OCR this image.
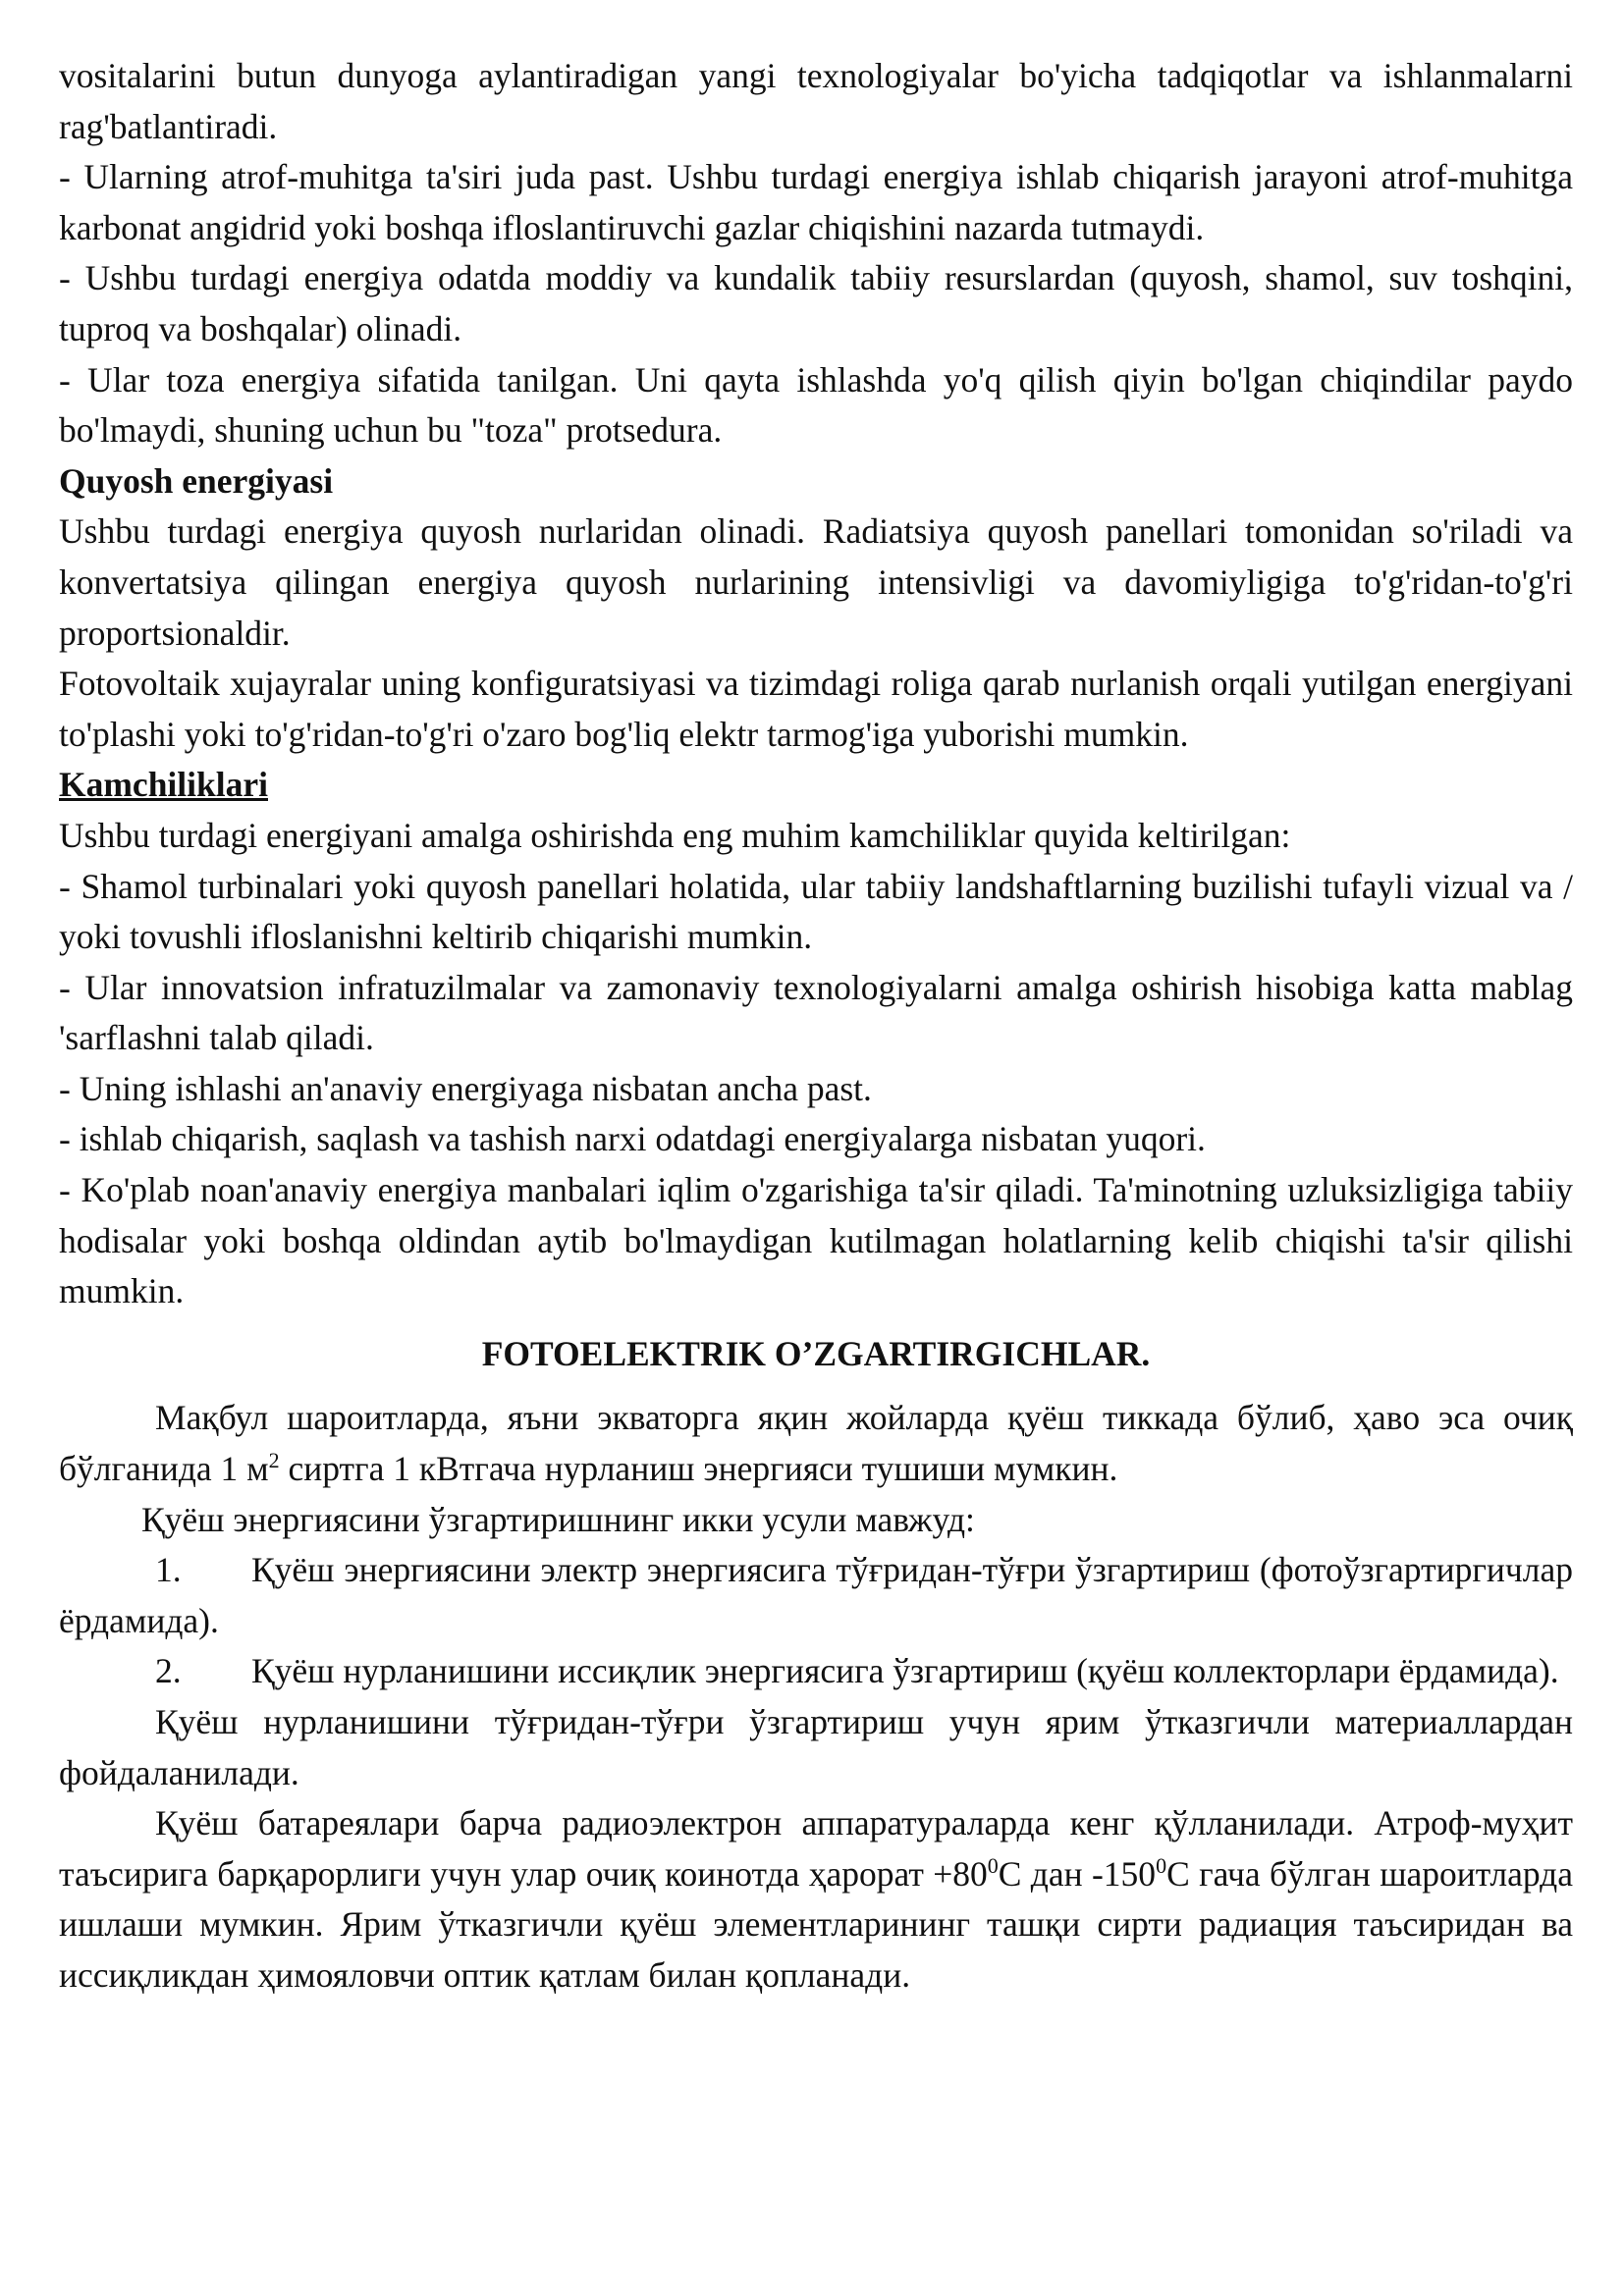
vositalarini butun dunyoga aylantiradigan yangi texnologiyalar bo'yicha tadqiqotlar va ishlanmalarni rag'batlantiradi.

- Ularning atrof-muhitga ta'siri juda past. Ushbu turdagi energiya ishlab chiqarish jarayoni atrof-muhitga karbonat angidrid yoki boshqa ifloslantiruvchi gazlar chiqishini nazarda tutmaydi.

- Ushbu turdagi energiya odatda moddiy va kundalik tabiiy resurslardan (quyosh, shamol, suv toshqini, tuproq va boshqalar) olinadi.

- Ular toza energiya sifatida tanilgan. Uni qayta ishlashda yo'q qilish qiyin bo'lgan chiqindilar paydo bo'lmaydi, shuning uchun bu "toza" protsedura.

Quyosh energiyasi

Ushbu turdagi energiya quyosh nurlaridan olinadi. Radiatsiya quyosh panellari tomonidan so'riladi va konvertatsiya qilingan energiya quyosh nurlarining intensivligi va davomiyligiga to'g'ridan-to'g'ri proportsionaldir.

Fotovoltaik xujayralar uning konfiguratsiyasi va tizimdagi roliga qarab nurlanish orqali yutilgan energiyani to'plashi yoki to'g'ridan-to'g'ri o'zaro bog'liq elektr tarmog'iga yuborishi mumkin.

Kamchiliklari

Ushbu turdagi energiyani amalga oshirishda eng muhim kamchiliklar quyida keltirilgan:

- Shamol turbinalari yoki quyosh panellari holatida, ular tabiiy landshaftlarning buzilishi tufayli vizual va / yoki tovushli ifloslanishni keltirib chiqarishi mumkin.

- Ular innovatsion infratuzilmalar va zamonaviy texnologiyalarni amalga oshirish hisobiga katta mablag 'sarflashni talab qiladi.

- Uning ishlashi an'anaviy energiyaga nisbatan ancha past.

- ishlab chiqarish, saqlash va tashish narxi odatdagi energiyalarga nisbatan yuqori.

- Ko'plab noan'anaviy energiya manbalari iqlim o'zgarishiga ta'sir qiladi. Ta'minotning uzluksizligiga tabiiy hodisalar yoki boshqa oldindan aytib bo'lmaydigan kutilmagan holatlarning kelib chiqishi ta'sir qilishi mumkin.

FOTOELEKTRIK O’ZGARTIRGICHLAR.

Мақбул шароитларда, яъни экваторга яқин жойларда қуёш тиккада бўлиб, ҳаво эса очиқ бўлганида 1 $м^2$ сиртга 1 кВтгача нурланиш энергияси тушиши мумкин.

Қуёш энергиясини ўзгартиришнинг икки усули мавжуд:

1. Қуёш энергиясини электр энергиясига тўғридан-тўғри ўзгартириш (фотоўзгартиргичлар ёрдамида).

2. Қуёш нурланишини иссиқлик энергиясига ўзгартириш (қуёш коллекторлари ёрдамида).

Қуёш нурланишини тўғридан-тўғри ўзгартириш учун ярим ўтказгичли материаллардан фойдаланилади.

Қуёш батареялари барча радиоэлектрон аппаратураларда кенг қўлланилади. Атроф-муҳит таъсирига барқарорлиги учун улар очиқ коинотда ҳарорат $+80^0С$ дан $-150^0С$ гача бўлган шароитларда ишлаши мумкин. Ярим ўтказгичли қуёш элементларининг ташқи сирти радиация таъсиридан ва иссиқликдан ҳимояловчи оптик қатлам билан қопланади.
